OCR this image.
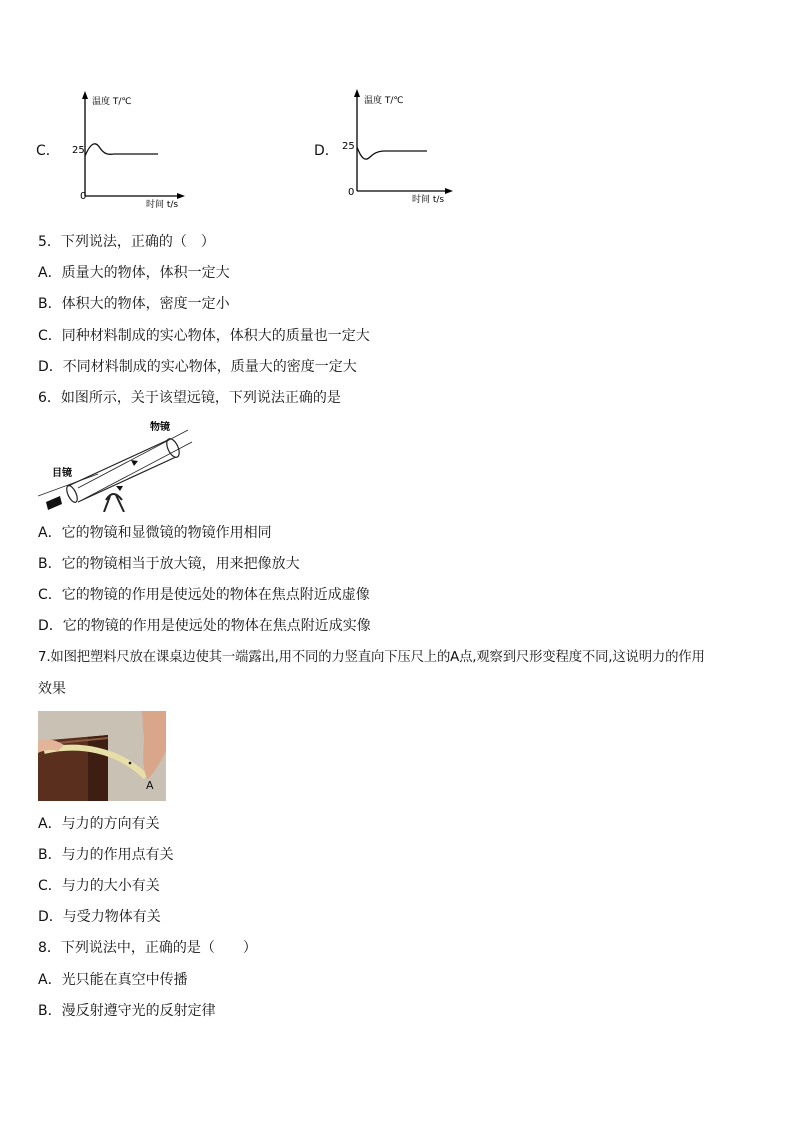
C．
温度 T/℃
25
0
时间 t/s
D．
温度 T/℃
25
0
时间 t/s
5．下列说法，正确的（　）
A．质量大的物体，体积一定大
B．体积大的物体，密度一定小
C．同种材料制成的实心物体，体积大的质量也一定大
D．不同材料制成的实心物体，质量大的密度一定大
6．如图所示，关于该望远镜，下列说法正确的是
物镜
目镜
A．它的物镜和显微镜的物镜作用相同
B．它的物镜相当于放大镜，用来把像放大
C．它的物镜的作用是使远处的物体在焦点附近成虚像
D．它的物镜的作用是使远处的物体在焦点附近成实像
7.如图把塑料尺放在课桌边使其一端露出,用不同的力竖直向下压尺上的A点,观察到尺形变程度不同,这说明力的作用
效果
A
A．与力的方向有关
B．与力的作用点有关
C．与力的大小有关
D．与受力物体有关
8．下列说法中，正确的是（　　）
A．光只能在真空中传播
B．漫反射遵守光的反射定律
